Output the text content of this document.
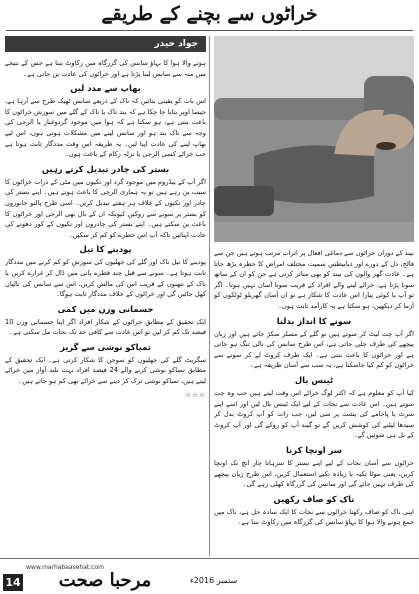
خراٹوں سے بچنے کے طریقے
جواد حیدر

ہونے والا ہوا کا بہاؤ سانس کی گزرگاہ میں رکاوٹ بنتا ہے جس کے نتیجے میں منہ سے سانس لینا پڑتا ہے اور خراٹوں کی عادت بن جاتی ہے۔

بھاپ سے مدد لیں

اس بات کو یقینی بنائیں کہ ناک کے ذریعے سانس ٹھیک طرح سے آرہا ہے، جیسا اوپر بتایا جا چکا ہے کہ بند ناک یا ناک کے گلے میں سوزش خراٹوں کا باعث بنتی ہے، ہو سکتا ہے کہ ہوا میں موجود گردوغبار یا الرجی کی وجہ سے ناک بند ہو اور سانس لینے میں مشکلات ہوتی ہوں، اس لیے بھاپ لینے کی عادت اپنا لیں۔ یہ طریقہ اس وقت مددگار ثابت ہوتا ہے جب خراٹے کسی الرجی یا نزلہ زکام کے باعث ہوں۔

بستر کی چادر تبدیل کرتے رہیں

اگر آپ کے بیڈروم میں موجود گرد اور تکیوں میں مٹی کے ذرات خراٹوں کا سبب بن رہے ہیں تو یہ ہماری الرجی کا باعث ہوتے ہیں۔ اپنے بستر کی چادر اور تکیوں کے غلاف ہر ہفتے تبدیل کریں۔ اسی طرح پالتو جانوروں کو بستر پر سونے سے روکیں کیونکہ ان کے بال بھی الرجی اور خراٹوں کا باعث بن سکتے ہیں۔ اپنے بستر کی چادروں اور تکیوں کے کور دھونے کی عادت اپنائیں تاکہ آپ اس خطرے کو کم کر سکیں۔

پودینے کا تیل

پودینے کا تیل ناک اور گلے کی جھلیوں کی سوزش کو کم کرنے میں مددگار ثابت ہوتا ہے۔ سونے سے قبل چند قطرے پانی میں ڈال کر غرارے کریں یا ناک کے نتھنوں کے قریب اس کی مالش کریں، اس سے سانس کی نالیاں کھل جائیں گی اور خراٹوں کے خلاف مددگار ثابت ہوگا۔

جسمانی وزن میں کمی

ایک تحقیق کے مطابق خراٹوں کے شکار افراد اگر اپنا جسمانی وزن 10 فیصد تک کم کر لیں تو اس عادت سے کافی حد تک نجات مل سکتی ہے۔

تمباکو نوشی سے گریز

سگریٹ گلے کی جھلیوں کو سوجن کا شکار کرتی ہے۔ ایک تحقیق کے مطابق تمباکو نوشی کرنے والے 24 فیصد افراد بہت بلند آواز میں خراٹے لیتے ہیں، تمباکو نوشی ترک کر دینے سے خراٹے بھی کم ہو جاتے ہیں۔

☆☆☆

نیند کے دوران خراٹوں سے دماغی افعال پر اثرات مرتب ہوتے ہیں جن سے فالج، دل کے دورے اور ذیابیطس سمیت مختلف امراض کا خطرہ بڑھ جاتا ہے۔ عادت گھر والوں کی نیند کو بھی متاثر کرتی ہے جن کو ان کے ساتھ سونا پڑتا ہے، خراٹے لینے والے افراد کے قریب سونا آسان نہیں ہوتا۔ اگر تو آپ یا کوئی پیارا اس عادت کا شکار ہے تو ان آسان گھریلو ٹوٹکوں کو آزما کر دیکھیں، ہو سکتا ہے یہ کارآمد ثابت ہوں۔

سونے کا انداز بدلنا

اگر آپ چت لیٹ کر سوتے ہیں تو گلے کے مسلز سکڑ جاتے ہیں اور زبان پیچھے کی طرف چلی جاتی ہے، اس طرح سانس کی نالی تنگ ہو جاتی ہے اور خراٹوں کا باعث بنتی ہے۔ ایک طرف کروٹ لے کر سونے سے خراٹوں کو کم کیا جاسکتا ہے، یہ سب سے آسان طریقہ ہے۔

ٹینس بال

کیا آپ کو معلوم ہے کہ اکثر لوگ خراٹے اس وقت لیتے ہیں جب وہ چت سوتے ہیں۔ اس عادت سے نجات کے لیے ایک ٹینس بال لیں اور اسے اپنے شرٹ یا پاجامے کی پشت پر سی لیں، جب رات کو آپ کروٹ بدل کر سیدھا لیٹنے کی کوشش کریں گے تو گیند آپ کو روکے گی اور آپ کروٹ کے بل ہی سوئیں گے۔

سر اونچا کرنا

خراٹوں سے آسان نجات کے لیے اپنے بستر کا سرہانا چار انچ تک اونچا کریں، یعنی موٹا تکیہ یا زیادہ تکیے استعمال کریں، اس طرح زبان پیچھے کی طرف نہیں جائے گی اور سانس کی گزرگاہ کھلی رہے گی۔

ناک کو صاف رکھیں

اپنی ناک کو صاف رکھنا خراٹوں سے نجات کا ایک سادہ حل ہے، ناک میں جمع ہونے والا ہوا کا بہاؤ سانس کی گزرگاہ میں رکاوٹ بنتا ہے۔

www.marhabaasehat.com
14	مرحبا صحت	ستمبر 2016ء
